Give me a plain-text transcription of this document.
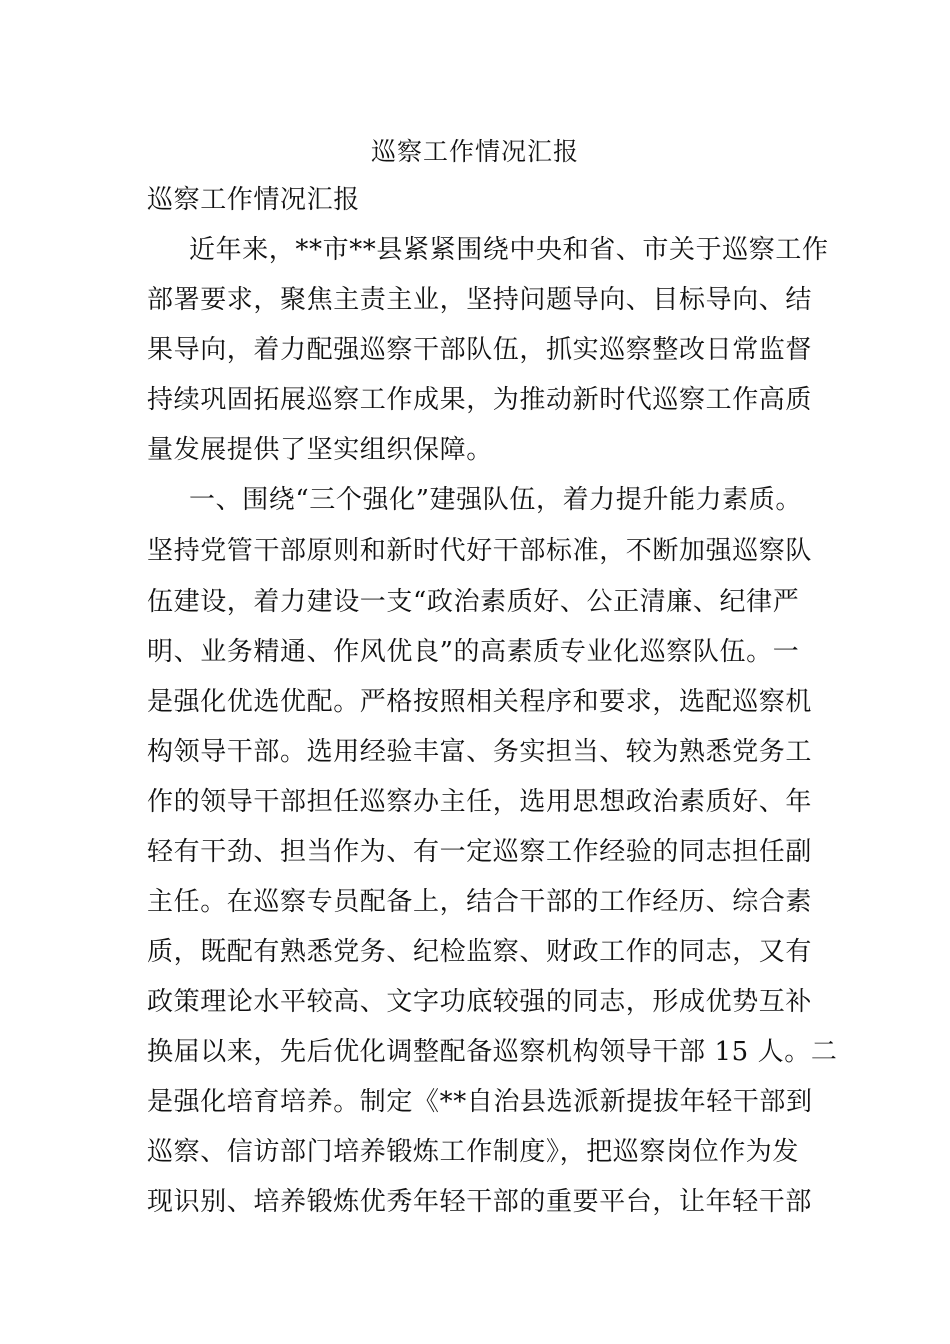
巡察工作情况汇报
巡察工作情况汇报
近年来，**市**县紧紧围绕中央和省、市关于巡察工作
部署要求，聚焦主责主业，坚持问题导向、目标导向、结
果导向，着力配强巡察干部队伍，抓实巡察整改日常监督
持续巩固拓展巡察工作成果，为推动新时代巡察工作高质
量发展提供了坚实组织保障。
一、围绕“三个强化”建强队伍，着力提升能力素质。
坚持党管干部原则和新时代好干部标准，不断加强巡察队
伍建设，着力建设一支“政治素质好、公正清廉、纪律严
明、业务精通、作风优良”的高素质专业化巡察队伍。一
是强化优选优配。严格按照相关程序和要求，选配巡察机
构领导干部。选用经验丰富、务实担当、较为熟悉党务工
作的领导干部担任巡察办主任，选用思想政治素质好、年
轻有干劲、担当作为、有一定巡察工作经验的同志担任副
主任。在巡察专员配备上，结合干部的工作经历、综合素
质，既配有熟悉党务、纪检监察、财政工作的同志，又有
政策理论水平较高、文字功底较强的同志，形成优势互补
换届以来，先后优化调整配备巡察机构领导干部 15 人。二
是强化培育培养。制定《**自治县选派新提拔年轻干部到
巡察、信访部门培养锻炼工作制度》，把巡察岗位作为发
现识别、培养锻炼优秀年轻干部的重要平台，让年轻干部
